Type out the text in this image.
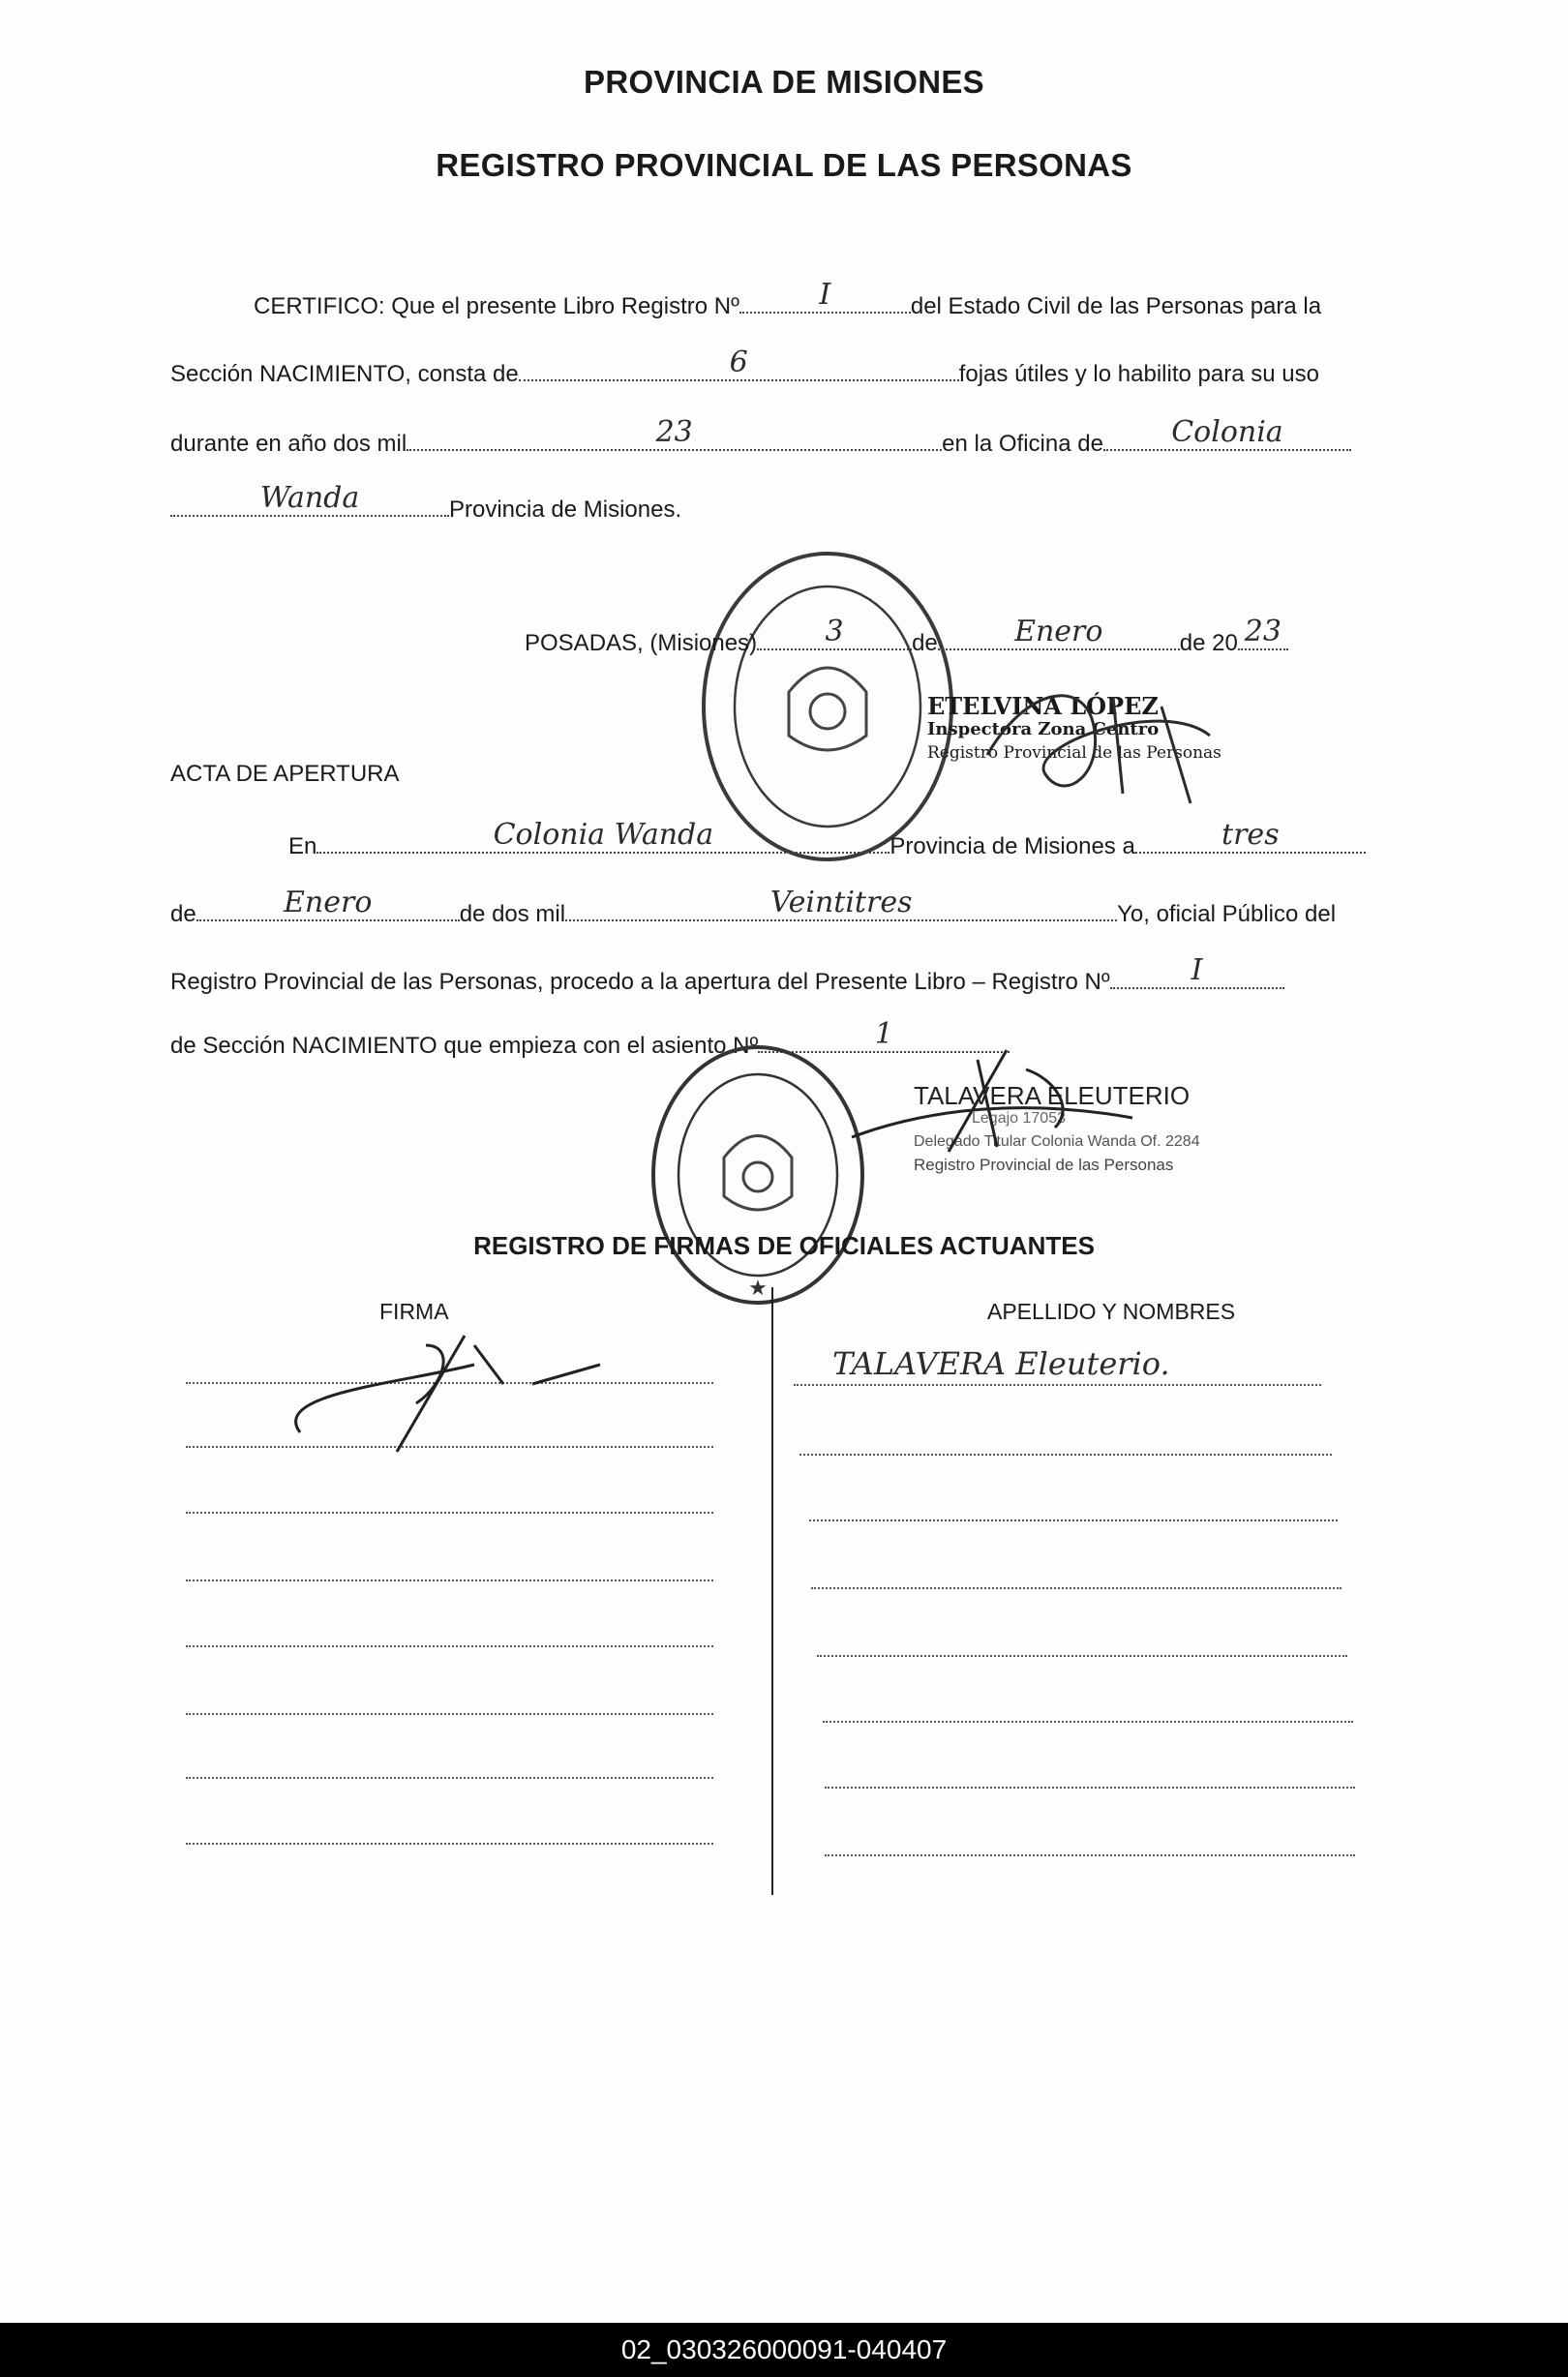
PROVINCIA DE MISIONES
REGISTRO PROVINCIAL DE LAS PERSONAS
CERTIFICO: Que el presente Libro Registro Nº	I	del Estado Civil de las Personas para la
Sección NACIMIENTO, consta de	6	fojas útiles y lo habilito para su uso
durante en año dos mil	23	en la Oficina de Colonia
Wanda	Provincia de Misiones.
POSADAS, (Misiones) 3	de	Enero	de 20 23
ETELVINA LÓPEZ
Inspectora Zona Centro
Registro Provincial de las Personas
ACTA DE APERTURA
En	Colonia Wanda	Provincia de Misiones a	tres
de	Enero	de dos mil	Veintitres	Yo, oficial Público del
Registro Provincial de las Personas, procedo a la apertura del Presente Libro – Registro Nº	I
de Sección NACIMIENTO que empieza con el asiento Nº	1
★
TALAVERA ELEUTERIO
Legajo 17053
Delegado Titular Colonia Wanda Of. 2284
Registro Provincial de las Personas
REGISTRO DE FIRMAS DE OFICIALES ACTUANTES
FIRMA	APELLIDO Y NOMBRES
TALAVERA Eleuterio.
02_030326000091-040407
